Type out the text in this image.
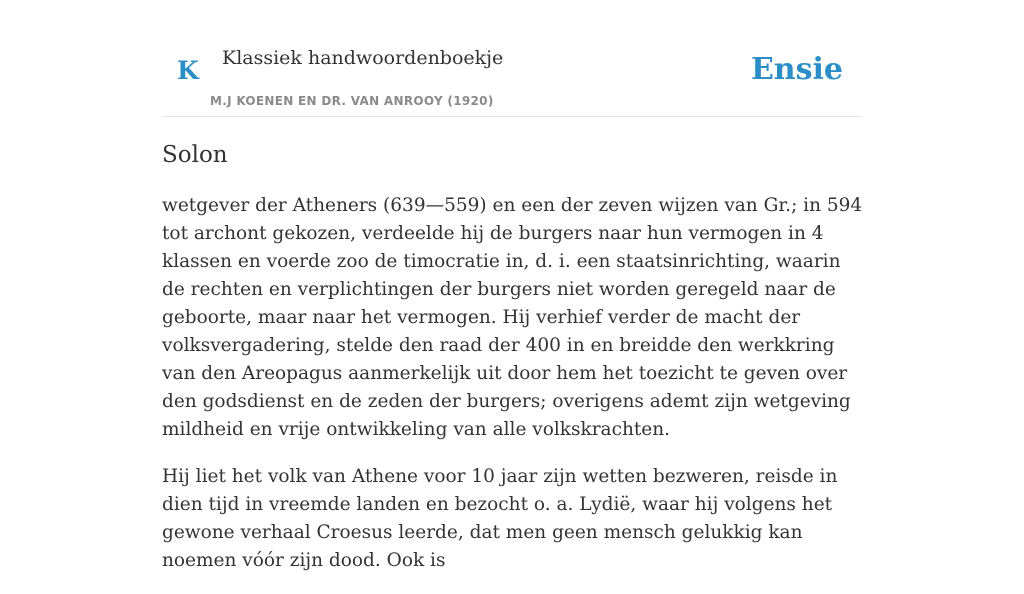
K Klassiek handwoordenboekje
M.J KOENEN EN DR. VAN ANROOY (1920)
Ensie
Solon

wetgever der Atheners (639—559) en een der zeven wijzen van Gr.; in 594 tot archont gekozen, verdeelde hij de burgers naar hun vermogen in 4 klassen en voerde zoo de timocratie in, d. i. een staatsinrichting, waarin de rechten en verplichtingen der burgers niet worden geregeld naar de geboorte, maar naar het vermogen. Hij verhief verder de macht der volksvergadering, stelde den raad der 400 in en breidde den werkkring van den Areopagus aanmerkelijk uit door hem het toezicht te geven over den godsdienst en de zeden der burgers; overigens ademt zijn wetgeving mildheid en vrije ontwikkeling van alle volkskrachten.

Hij liet het volk van Athene voor 10 jaar zijn wetten bezweren, reisde in dien tijd in vreemde landen en bezocht o. a. Lydië, waar hij volgens het gewone verhaal Croesus leerde, dat men geen mensch gelukkig kan noemen vóór zijn dood. Ook is
